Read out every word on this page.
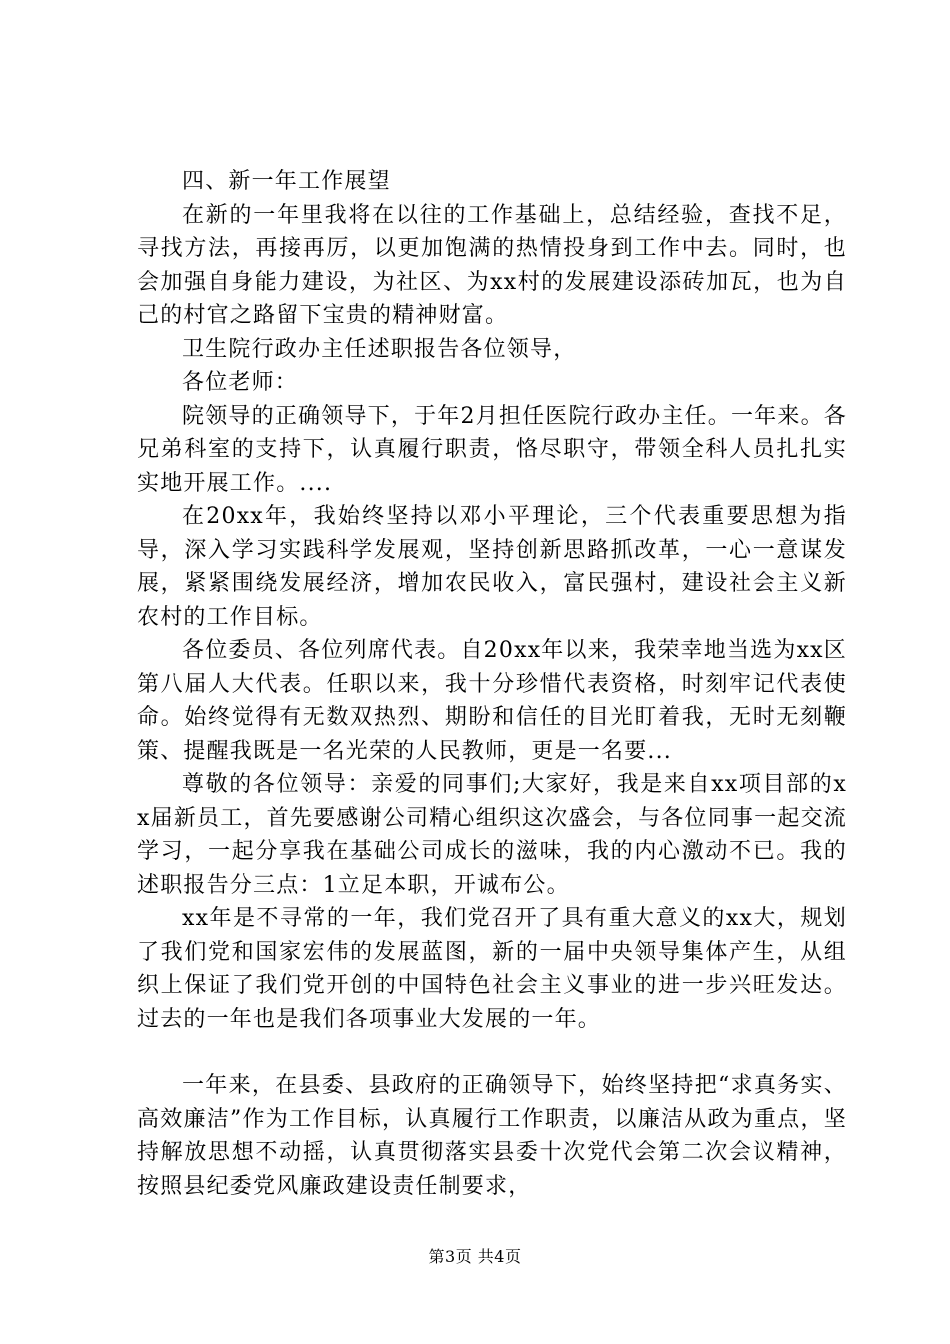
四、新一年工作展望

在新的一年里我将在以往的工作基础上，总结经验，查找不足，寻找方法，再接再厉，以更加饱满的热情投身到工作中去。同时，也会加强自身能力建设，为社区、为xx村的发展建设添砖加瓦，也为自己的村官之路留下宝贵的精神财富。

卫生院行政办主任述职报告各位领导，

各位老师：

院领导的正确领导下，于年2月担任医院行政办主任。一年来。各兄弟科室的支持下，认真履行职责，恪尽职守，带领全科人员扎扎实实地开展工作。....

在20xx年，我始终坚持以邓小平理论，三个代表重要思想为指导，深入学习实践科学发展观，坚持创新思路抓改革，一心一意谋发展，紧紧围绕发展经济，增加农民收入，富民强村，建设社会主义新农村的工作目标。

各位委员、各位列席代表。自20xx年以来，我荣幸地当选为xx区第八届人大代表。任职以来，我十分珍惜代表资格，时刻牢记代表使命。始终觉得有无数双热烈、期盼和信任的目光盯着我，无时无刻鞭策、提醒我既是一名光荣的人民教师，更是一名要...

尊敬的各位领导：亲爱的同事们;大家好，我是来自xx项目部的xx届新员工，首先要感谢公司精心组织这次盛会，与各位同事一起交流学习，一起分享我在基础公司成长的滋味，我的内心激动不已。我的述职报告分三点：1立足本职，开诚布公。

xx年是不寻常的一年，我们党召开了具有重大意义的xx大，规划了我们党和国家宏伟的发展蓝图，新的一届中央领导集体产生，从组织上保证了我们党开创的中国特色社会主义事业的进一步兴旺发达。过去的一年也是我们各项事业大发展的一年。

一年来，在县委、县政府的正确领导下，始终坚持把“求真务实、高效廉洁”作为工作目标，认真履行工作职责，以廉洁从政为重点，坚持解放思想不动摇，认真贯彻落实县委十次党代会第二次会议精神，按照县纪委党风廉政建设责任制要求，

第3页 共4页
